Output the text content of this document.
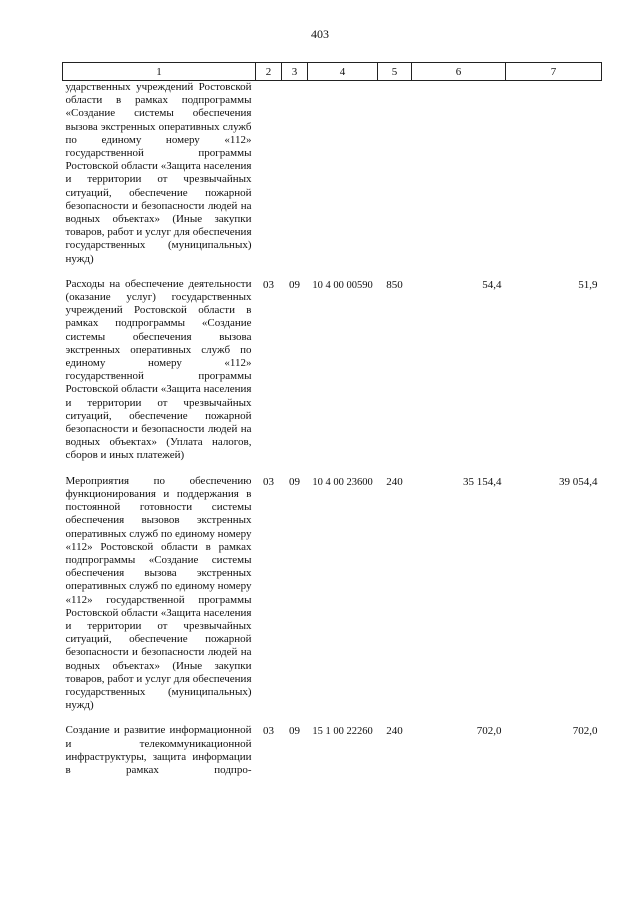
403
1	2	3	4	5	6	7
ударственных учреждений Ростовской области в рамках подпрограммы «Создание системы обеспечения вызова экстренных оперативных служб по единому номеру «112» государственной программы Ростовской области «Защита населения и территории от чрезвычайных ситуаций, обеспечение пожарной безопасности и безопасности людей на водных объектах» (Иные закупки товаров, работ и услуг для обеспечения государственных (муниципальных) нужд)						

Расходы на обеспечение деятельности (оказание услуг) государственных учреждений Ростовской области в рамках подпрограммы «Создание системы обеспечения вызова экстренных оперативных служб по единому номеру «112» государственной программы Ростовской области «Защита населения и территории от чрезвычайных ситуаций, обеспечение пожарной безопасности и безопасности людей на водных объектах» (Уплата налогов, сборов и иных платежей)	03	09	10 4 00 00590	850	54,4	51,9

Мероприятия по обеспечению функционирования и поддержания в постоянной готовности системы обеспечения вызовов экстренных оперативных служб по единому номеру «112» Ростовской области в рамках подпрограммы «Создание системы обеспечения вызова экстренных оперативных служб по единому номеру «112» государственной программы Ростовской области «Защита населения и территории от чрезвычайных ситуаций, обеспечение пожарной безопасности и безопасности людей на водных объектах» (Иные закупки товаров, работ и услуг для обеспечения государственных (муниципальных) нужд)	03	09	10 4 00 23600	240	35 154,4	39 054,4

Создание и развитие информационной и телекоммуникационной инфраструктуры, защита информации в рамках подпро-	03	09	15 1 00 22260	240	702,0	702,0
